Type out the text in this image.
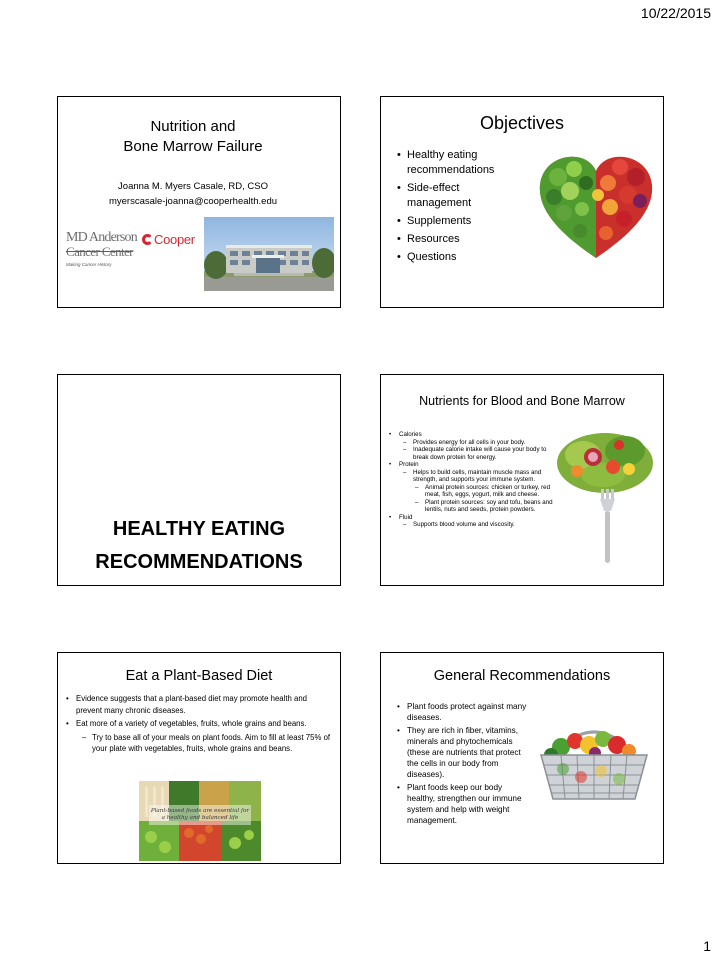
10/22/2015
Nutrition and
Bone Marrow Failure
Joanna M. Myers Casale, RD, CSO
myerscasale-joanna@cooperhealth.edu
MD Anderson
Cancer Center
Making Cancer History
Cooper
Objectives
• Healthy eating recommendations
• Side-effect management
• Supplements
• Resources
• Questions
HEALTHY EATING
RECOMMENDATIONS
Nutrients for Blood and Bone Marrow
• Calories
– Provides energy for all cells in your body.
– Inadequate calorie intake will cause your body to break down protein for energy.
• Protein
– Helps to build cells, maintain muscle mass and strength, and supports your immune system.
– Animal protein sources: chicken or turkey, red meat, fish, eggs, yogurt, milk and cheese.
– Plant protein sources: soy and tofu, beans and lentils, nuts and seeds, protein powders.
• Fluid
– Supports blood volume and viscosity.
Eat a Plant-Based Diet
• Evidence suggests that a plant-based diet may promote health and prevent many chronic diseases.
• Eat more of a variety of vegetables, fruits, whole grains and beans.
– Try to base all of your meals on plant foods. Aim to fill at least 75% of your plate with vegetables, fruits, whole grains and beans.
Plant-based foods are essential for a healthy and balanced life
General Recommendations
• Plant foods protect against many diseases.
• They are rich in fiber, vitamins, minerals and phytochemicals (these are nutrients that protect the cells in our body from diseases).
• Plant foods keep our body healthy, strengthen our immune system and help with weight management.
1
